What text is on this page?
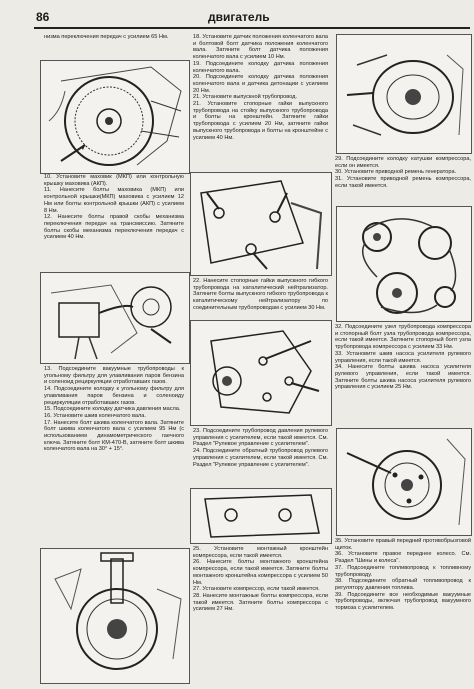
86	двигатель

низма переключения передач с усилием 65 Нм.

10. Установите маховик (МКП) или контрольную крышку маховика (АКП).

11. Нанесите болты маховика (МКП) или контрольной крышки(МКП) маховика с усилием 12 Нм или болты контрольной крышки (АКП) с усилием 8 Нм.

12. Нанесите болты правой скобы механизма переключения передач на трансмиссию. Затяните болты скобы механизма переключения передач с усилием 40 Нм.

13. Подсоедините вакуумные трубопроводы к угольному фильтру для улавливания паров бензина и соленоид рециркуляции отработавших газов.

14. Подсоедините колодку к угольному фильтру для улавливания паров бензина и соленоиду рециркуляции отработавших газов.

15. Подсоедините колодку датчика давления масла.

16. Установите шкив коленчатого вала.

17. Нанесите болт шкива коленчатого вала. Затяните болт шкива коленчатого вала с усилием 95 Нм (с использованием динамометрического гаечного ключа. Затяните болт КМ-470-В, затяните болт шкива коленчатого вала на 30° + 15°.

18. Установите датчик положения коленчатого вала и болтовой болт датчика положения коленчатого вала. Затяните болт датчика положения коленчатого вала с усилием 10 Нм.

19. Подсоедините колодку датчика положения коленчатого вала.

20. Подсоедините колодку датчика положения коленчатого вала и датчика детонации с усилием 20 Нм.

21. Установите выпускной трубопровод.

21. Установите стопорные гайки выпускного трубопровода на стойку выпускного трубопровода и болты на кронштейн. Затяните гайки трубопровода с усилием 20 Нм, затяните гайки выпускного трубопровода и болты на кронштейне с усилием 40 Нм.

22. Нанесите стопорные гайки выпускного гибкого трубопровода на каталитический нейтрализатор. Затяните болты выпускного гибкого трубопровода к каталитическому нейтрализатору по соединительным трубопроводам с усилием 30 Нм.

23. Подсоедините трубопровод давления рулевого управления с усилителем, если такой имеется. См. Раздел "Рулевое управление с усилителем".

24. Подсоедините обратный трубопровод рулевого управления с усилителем, если такой имеется. См. Раздел "Рулевое управление с усилителем".

25. Установите монтажный кронштейн компрессора, если такой имеется.

26. Нанесите болты монтажного кронштейна компрессора, если такой имеется. Затяните болты монтажного кронштейна компрессора с усилием 50 Нм.

27. Установите компрессор, если такой имеется.

28. Нанесите монтажные болты компрессора, если такой имеется. Затяните болты компрессора с усилием 27 Нм.

29. Подсоедините колодку катушки компрессора, если он имеется.

30. Установите приводной ремень генератора.

31. Установите приводной ремень компрессора, если такой имеется.

32. Подсоедините узел трубопровода компрессора и стопорный болт узла трубопровода компрессора, если такой имеется. Затяните стопорный болт узла трубопровода компрессора с усилием 33 Нм.

33. Установите шкив насоса усилителя рулевого управления, если такой имеется.

34. Нанесите болты шкива насоса усилителя рулевого управления, если такой имеется. Затяните болты шкива насоса усилителя рулевого управления с усилием 25 Нм.

35. Установите правый передний противобрызговой щиток.

36. Установите правое переднее колесо. См. Раздел "Шины и колеса".

37. Подсоедините топливопровод к топливному трубопроводу.

38. Подсоедините обратный топливопровод к регулятору давления топлива.

39. Подсоедините все необходимые вакуумные трубопроводы, включая трубопровод вакуумного тормоза с усилителем.
